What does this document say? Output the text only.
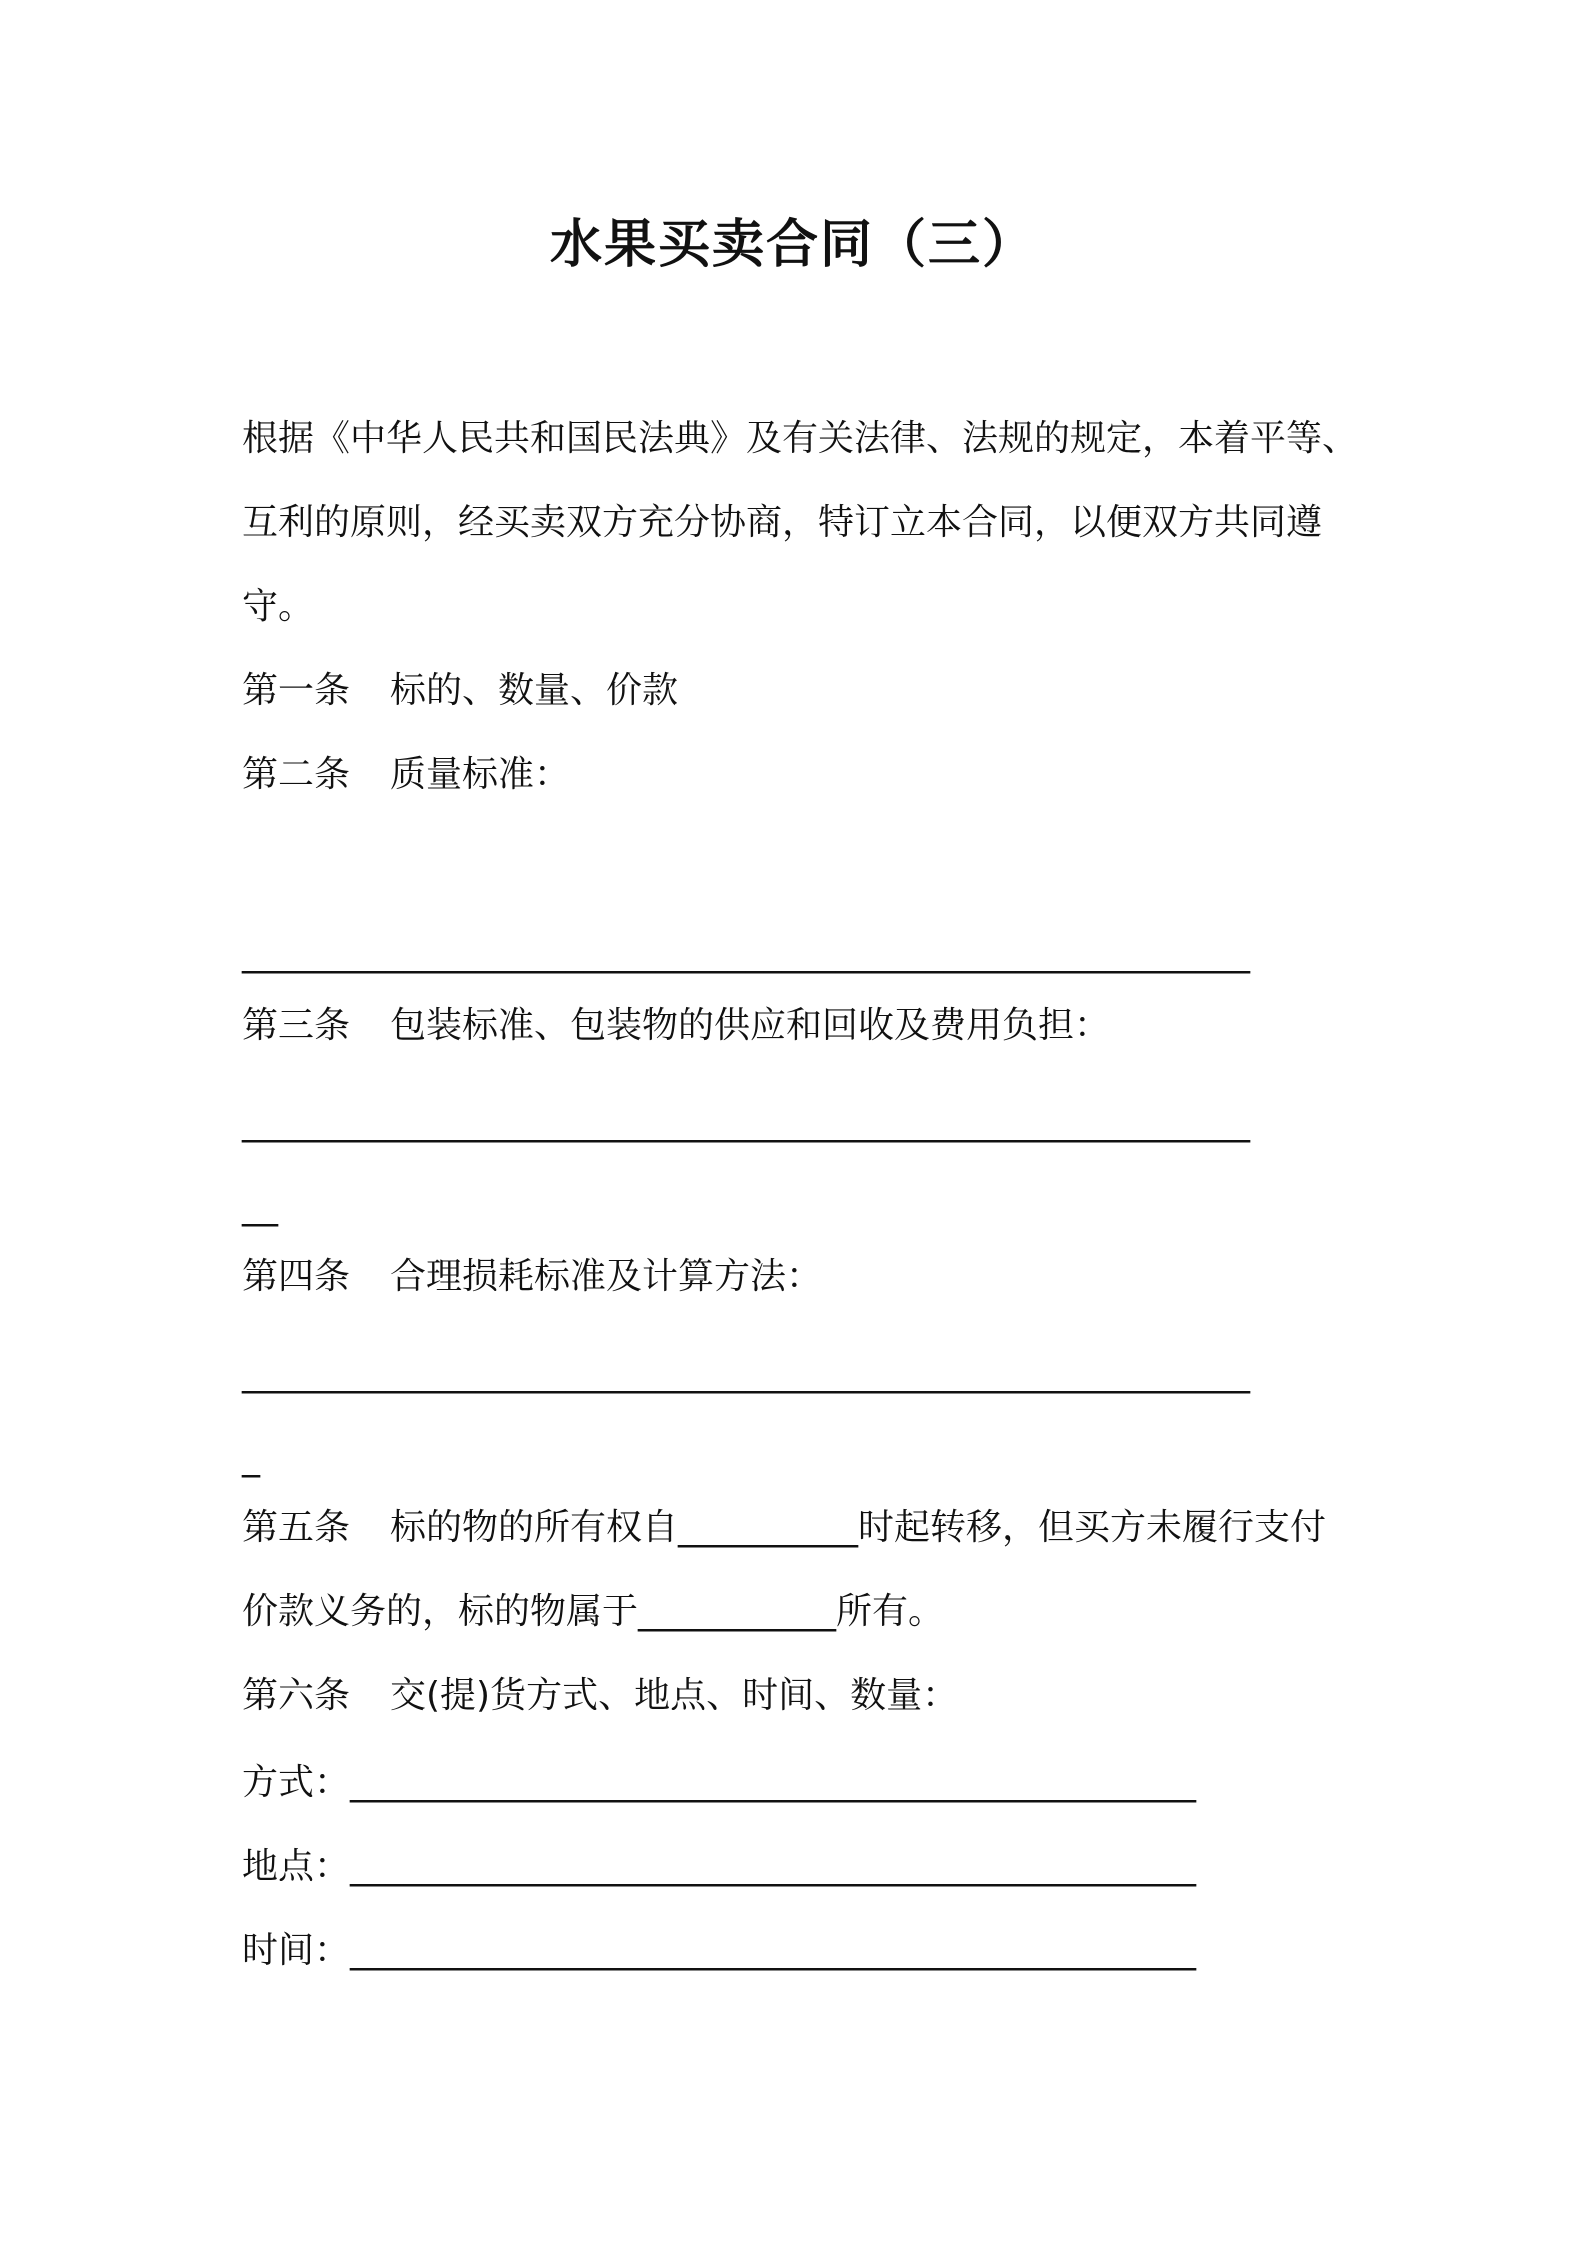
水果买卖合同（三）
根据《中华人民共和国民法典》及有关法律、法规的规定，本着平等、
互利的原则，经买卖双方充分协商，特订立本合同，以便双方共同遵
守。
第一条 标的、数量、价款
第二条 质量标准：
________________________________________________________
第三条 包装标准、包装物的供应和回收及费用负担：
________________________________________________________
__
第四条 合理损耗标准及计算方法：
________________________________________________________
_
第五条 标的物的所有权自__________时起转移，但买方未履行支付
价款义务的，标的物属于___________所有。
第六条 交(提)货方式、地点、时间、数量：
方式：_______________________________________________
地点：_______________________________________________
时间：_______________________________________________
